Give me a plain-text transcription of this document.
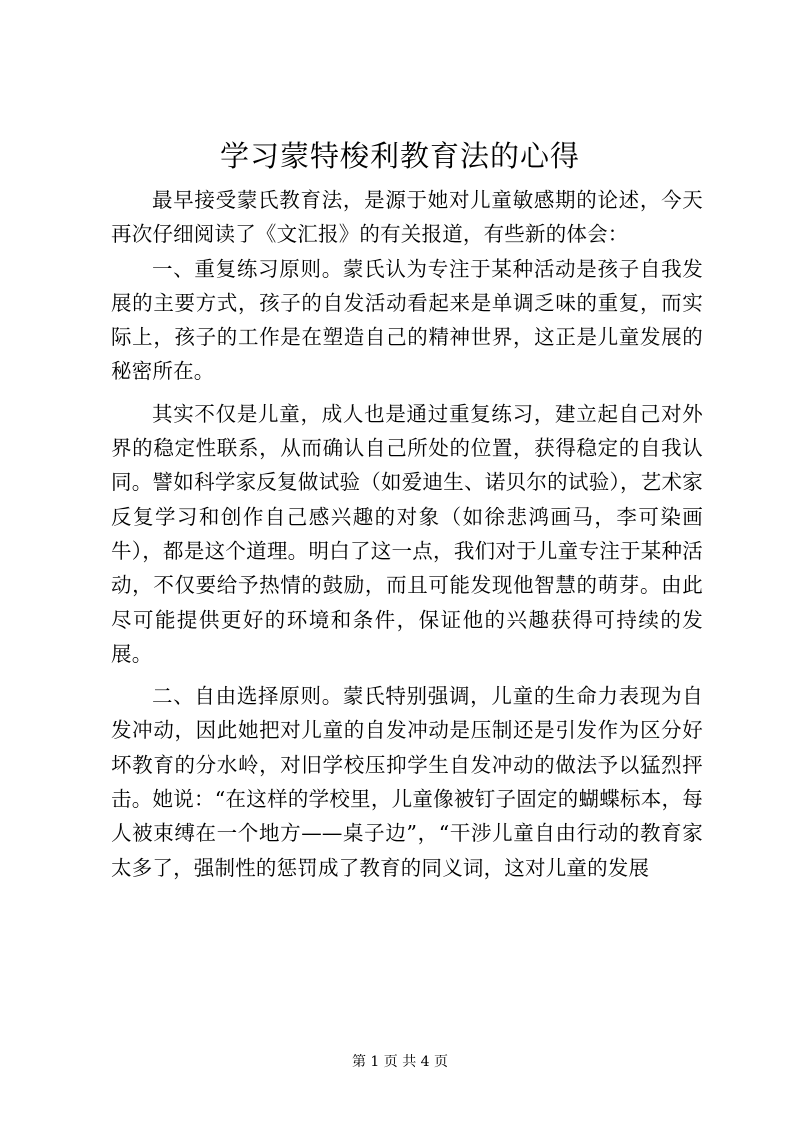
学习蒙特梭利教育法的心得

最早接受蒙氏教育法，是源于她对儿童敏感期的论述，今天再次仔细阅读了《文汇报》的有关报道，有些新的体会：

一、重复练习原则。蒙氏认为专注于某种活动是孩子自我发展的主要方式，孩子的自发活动看起来是单调乏味的重复，而实际上，孩子的工作是在塑造自己的精神世界，这正是儿童发展的秘密所在。

其实不仅是儿童，成人也是通过重复练习，建立起自己对外界的稳定性联系，从而确认自己所处的位置，获得稳定的自我认同。譬如科学家反复做试验（如爱迪生、诺贝尔的试验），艺术家反复学习和创作自己感兴趣的对象（如徐悲鸿画马，李可染画牛），都是这个道理。明白了这一点，我们对于儿童专注于某种活动，不仅要给予热情的鼓励，而且可能发现他智慧的萌芽。由此尽可能提供更好的环境和条件，保证他的兴趣获得可持续的发展。

二、自由选择原则。蒙氏特别强调，儿童的生命力表现为自发冲动，因此她把对儿童的自发冲动是压制还是引发作为区分好坏教育的分水岭，对旧学校压抑学生自发冲动的做法予以猛烈抨击。她说：“在这样的学校里，儿童像被钉子固定的蝴蝶标本，每人被束缚在一个地方——桌子边”，“干涉儿童自由行动的教育家太多了，强制性的惩罚成了教育的同义词，这对儿童的发展

第 1 页 共 4 页
